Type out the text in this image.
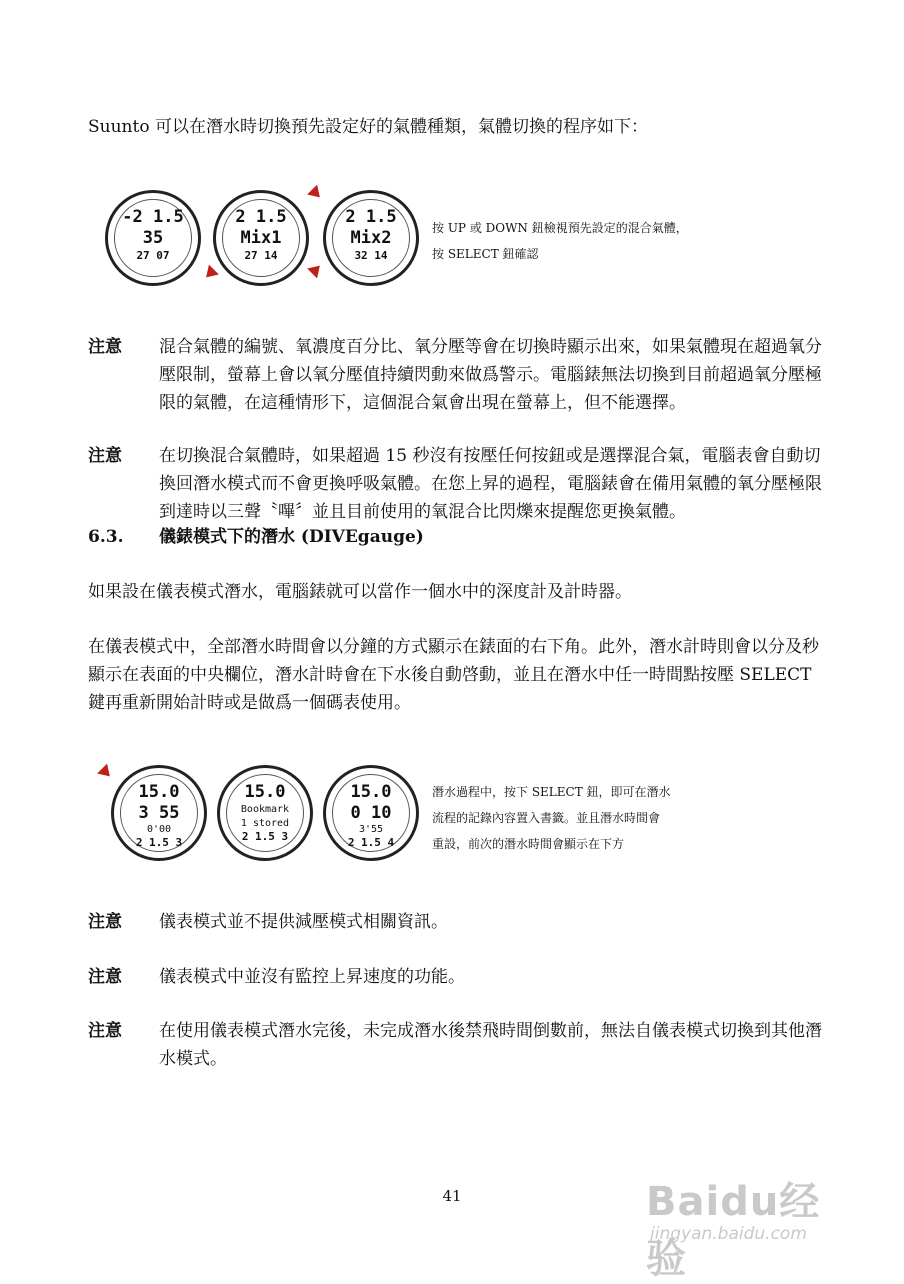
Suunto 可以在潛水時切換預先設定好的氣體種類，氣體切換的程序如下：

-2 1.5
35
27 07
2 1.5
Mix1
27 14
2 1.5
Mix2
32 14
按 UP 或 DOWN 鈕檢視預先設定的混合氣體，
按 SELECT 鈕確認
注意 混合氣體的編號、氧濃度百分比、氧分壓等會在切換時顯示出來，如果氣體現在超過氧分壓限制，螢幕上會以氧分壓值持續閃動來做爲警示。電腦錶無法切換到目前超過氧分壓極限的氣體，在這種情形下，這個混合氣會出現在螢幕上，但不能選擇。
注意 在切換混合氣體時，如果超過 15 秒沒有按壓任何按鈕或是選擇混合氣，電腦表會自動切換回潛水模式而不會更換呼吸氣體。在您上昇的過程，電腦錶會在備用氣體的氧分壓極限到達時以三聲〝嗶〞並且目前使用的氧混合比閃爍來提醒您更換氣體。
6.3. 儀錶模式下的潛水 (DIVEgauge)

如果設在儀表模式潛水，電腦錶就可以當作一個水中的深度計及計時器。

在儀表模式中，全部潛水時間會以分鐘的方式顯示在錶面的右下角。此外，潛水計時則會以分及秒顯示在表面的中央欄位，潛水計時會在下水後自動啓動，並且在潛水中任一時間點按壓 SELECT 鍵再重新開始計時或是做爲一個碼表使用。

15.0
3 55
0'00
2 1.5 3
15.0
Bookmark
1 stored
2 1.5 3
15.0
0 10
3'55
2 1.5 4
潛水過程中，按下 SELECT 鈕，即可在潛水
流程的記錄內容置入書籤。並且潛水時間會
重設，前次的潛水時間會顯示在下方
注意 儀表模式並不提供減壓模式相關資訊。
注意 儀表模式中並沒有監控上昇速度的功能。
注意 在使用儀表模式潛水完後，未完成潛水後禁飛時間倒數前，無法自儀表模式切換到其他潛水模式。
41	Baidu经验
jingyan.baidu.com
